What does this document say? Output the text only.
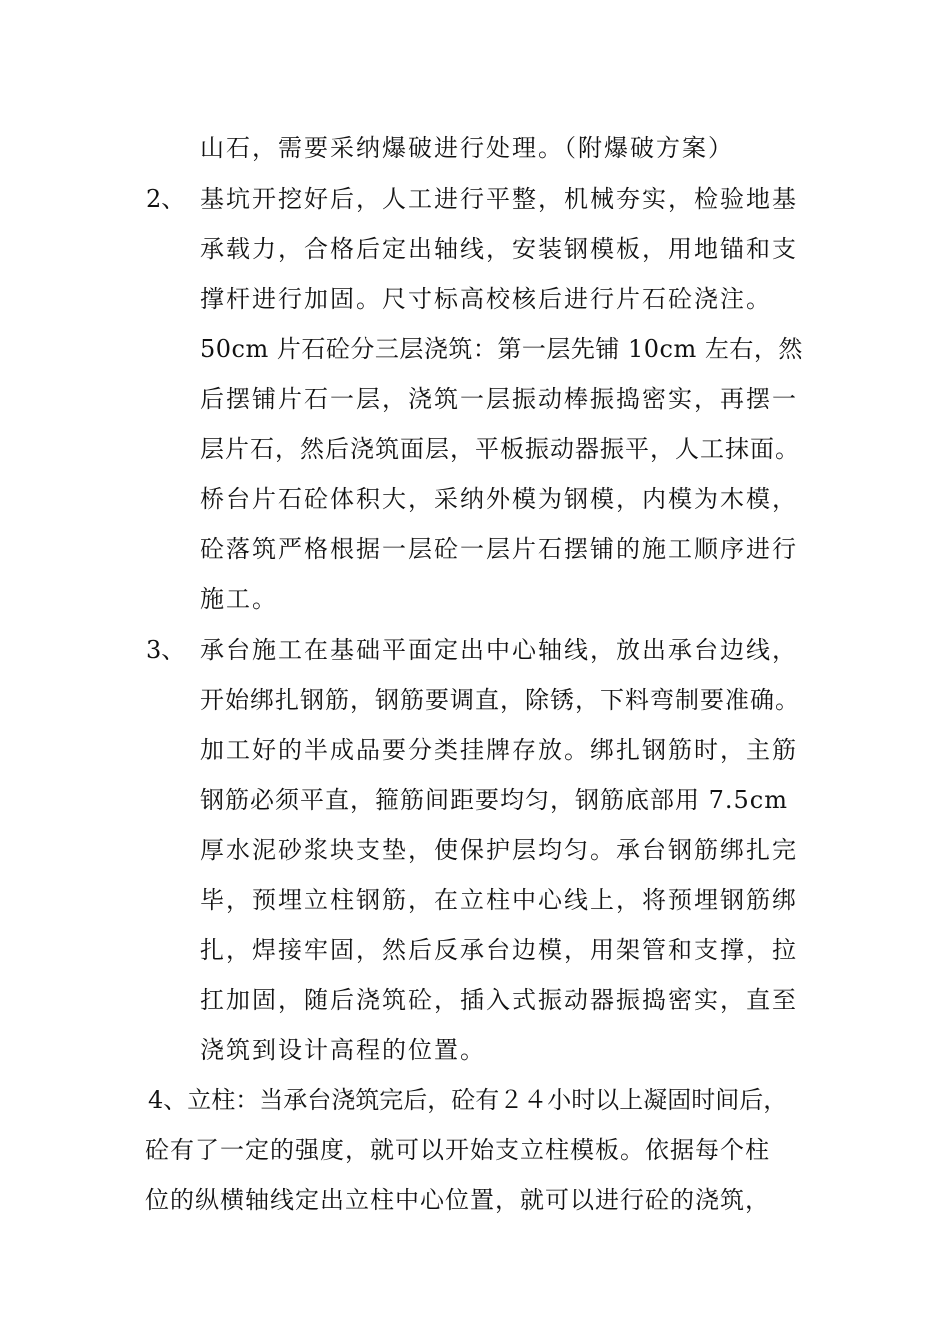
山石，需要采纳爆破进行处理。（附爆破方案）
2、 基坑开挖好后，人工进行平整，机械夯实，检验地基
承载力，合格后定出轴线，安装钢模板，用地锚和支
撑杆进行加固。尺寸标高校核后进行片石砼浇注。
50cm 片石砼分三层浇筑：第一层先铺 10cm 左右，然
后摆铺片石一层，浇筑一层振动棒振捣密实，再摆一
层片石，然后浇筑面层，平板振动器振平，人工抹面。
桥台片石砼体积大，采纳外模为钢模，内模为木模，
砼落筑严格根据一层砼一层片石摆铺的施工顺序进行
施工。
3、 承台施工在基础平面定出中心轴线，放出承台边线，
开始绑扎钢筋，钢筋要调直，除锈，下料弯制要准确。
加工好的半成品要分类挂牌存放。绑扎钢筋时，主筋
钢筋必须平直，箍筋间距要均匀，钢筋底部用 7.5cm
厚水泥砂浆块支垫，使保护层均匀。承台钢筋绑扎完
毕，预埋立柱钢筋，在立柱中心线上，将预埋钢筋绑
扎，焊接牢固，然后反承台边模，用架管和支撑，拉
扛加固，随后浇筑砼，插入式振动器振捣密实，直至
浇筑到设计高程的位置。
4、立柱：当承台浇筑完后，砼有２４小时以上凝固时间后，
砼有了一定的强度，就可以开始支立柱模板。依据每个柱
位的纵横轴线定出立柱中心位置，就可以进行砼的浇筑，
